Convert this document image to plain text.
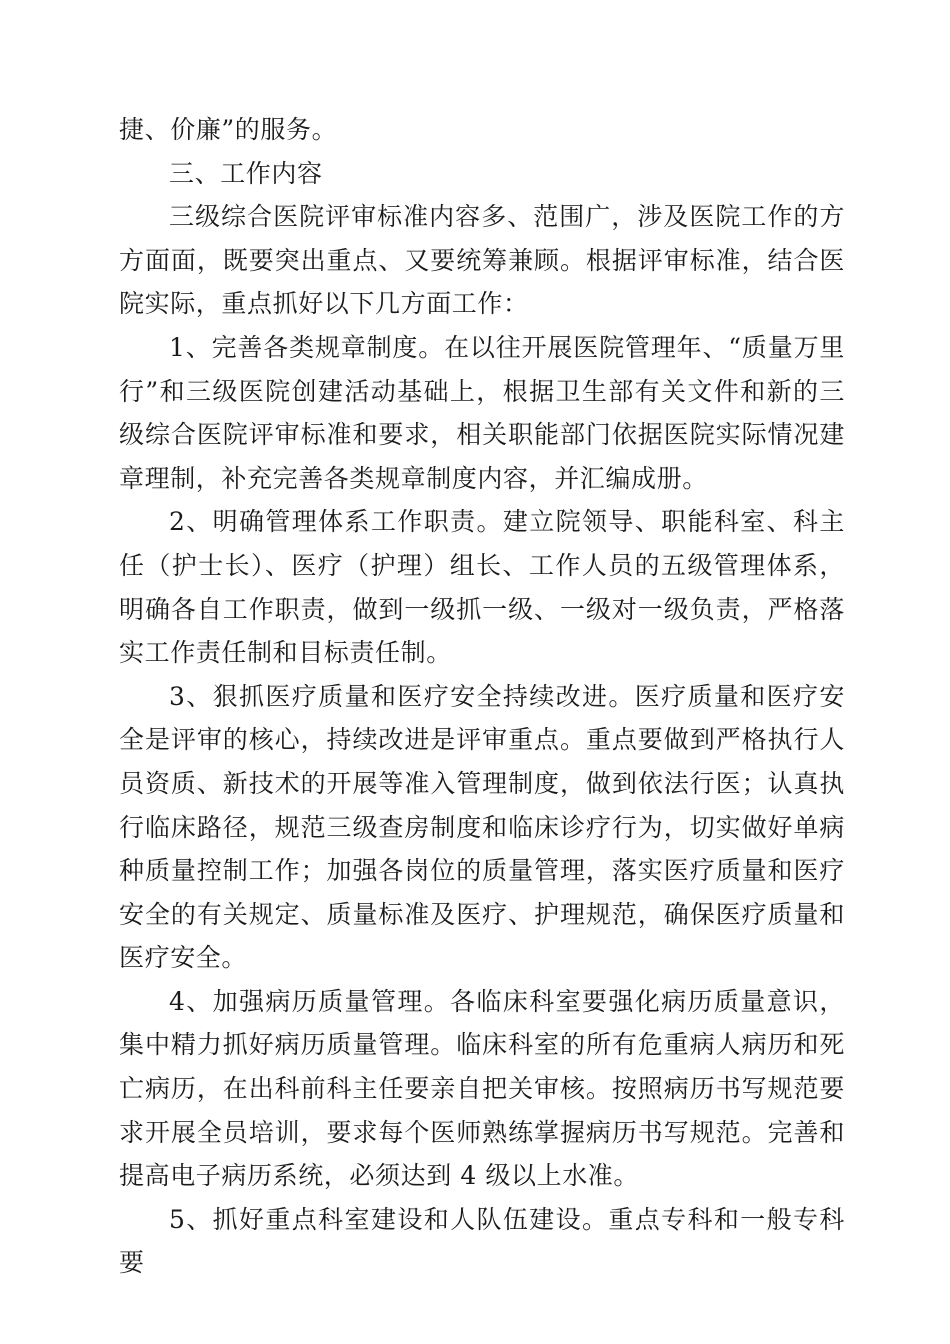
捷、价廉”的服务。

三、工作内容

三级综合医院评审标准内容多、范围广，涉及医院工作的方方面面，既要突出重点、又要统筹兼顾。根据评审标准，结合医院实际，重点抓好以下几方面工作：

1、完善各类规章制度。在以往开展医院管理年、“质量万里行”和三级医院创建活动基础上，根据卫生部有关文件和新的三级综合医院评审标准和要求，相关职能部门依据医院实际情况建章理制，补充完善各类规章制度内容，并汇编成册。

2、明确管理体系工作职责。建立院领导、职能科室、科主任（护士长）、医疗（护理）组长、工作人员的五级管理体系，明确各自工作职责，做到一级抓一级、一级对一级负责，严格落实工作责任制和目标责任制。

3、狠抓医疗质量和医疗安全持续改进。医疗质量和医疗安全是评审的核心，持续改进是评审重点。重点要做到严格执行人员资质、新技术的开展等准入管理制度，做到依法行医；认真执行临床路径，规范三级查房制度和临床诊疗行为，切实做好单病种质量控制工作；加强各岗位的质量管理，落实医疗质量和医疗安全的有关规定、质量标准及医疗、护理规范，确保医疗质量和医疗安全。

4、加强病历质量管理。各临床科室要强化病历质量意识，集中精力抓好病历质量管理。临床科室的所有危重病人病历和死亡病历，在出科前科主任要亲自把关审核。按照病历书写规范要求开展全员培训，要求每个医师熟练掌握病历书写规范。完善和提高电子病历系统，必须达到 4 级以上水准。

5、抓好重点科室建设和人队伍建设。重点专科和一般专科要
